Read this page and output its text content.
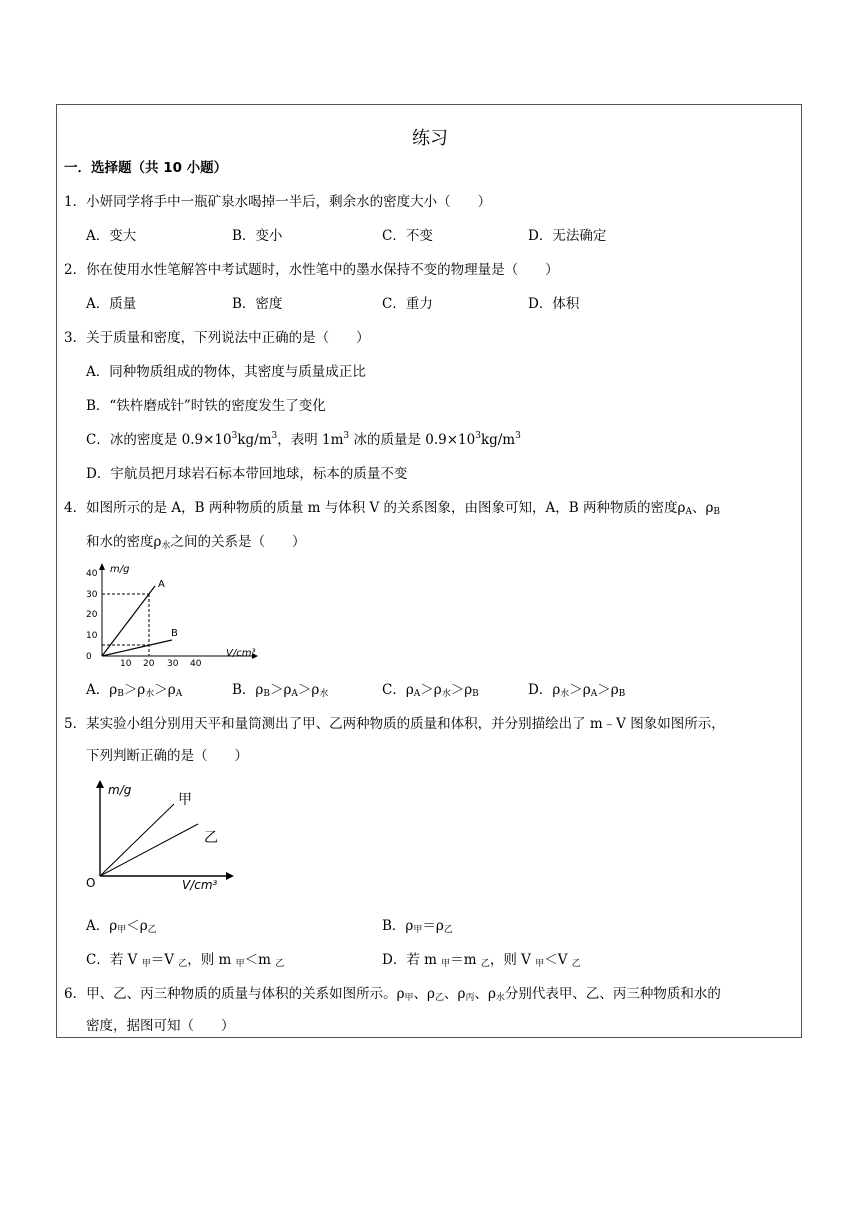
练习
一．选择题（共 10 小题）
1．小妍同学将手中一瓶矿泉水喝掉一半后，剩余水的密度大小（　　）
A．变大	B．变小	C．不变	D．无法确定
2．你在使用水性笔解答中考试题时，水性笔中的墨水保持不变的物理量是（　　）
A．质量	B．密度	C．重力	D．体积
3．关于质量和密度，下列说法中正确的是（　　）
A．同种物质组成的物体，其密度与质量成正比
B．“铁杵磨成针”时铁的密度发生了变化
C．冰的密度是 $0.9\times 10^3kg/m^3$，表明 $1m^3$ 冰的质量是 $0.9\times 10^3kg/m^3$
D．宇航员把月球岩石标本带回地球，标本的质量不变
4．如图所示的是 A，B 两种物质的质量 m 与体积 V 的关系图象，由图象可知，A，B 两种物质的密度$\rho_A$、$\rho_B$
和水的密度$\rho_水$之间的关系是（　　）
m/g
V/cm³
0
10
20
30
40
10 20 30 40
A
B
A．$\rho_B>\rho_水>\rho_A$	B．$\rho_B>\rho_A>\rho_水$	C．$\rho_A>\rho_水>\rho_B$	D．$\rho_水>\rho_A>\rho_B$
5．某实验小组分别用天平和量筒测出了甲、乙两种物质的质量和体积，并分别描绘出了 m﹣V 图象如图所示，
下列判断正确的是（　　）
m/g
V/cm³
O
甲
乙
A．$\rho_甲<\rho_乙$	B．$\rho_甲=\rho_乙$
C．若 V $_甲$＝V $_乙$，则 m $_甲$＜m $_乙$	D．若 m $_甲$＝m $_乙$，则 V $_甲$＜V $_乙$
6．甲、乙、丙三种物质的质量与体积的关系如图所示。$\rho_甲$、$\rho_乙$、$\rho_丙$、$\rho_水$分别代表甲、乙、丙三种物质和水的
密度，据图可知（　　）
